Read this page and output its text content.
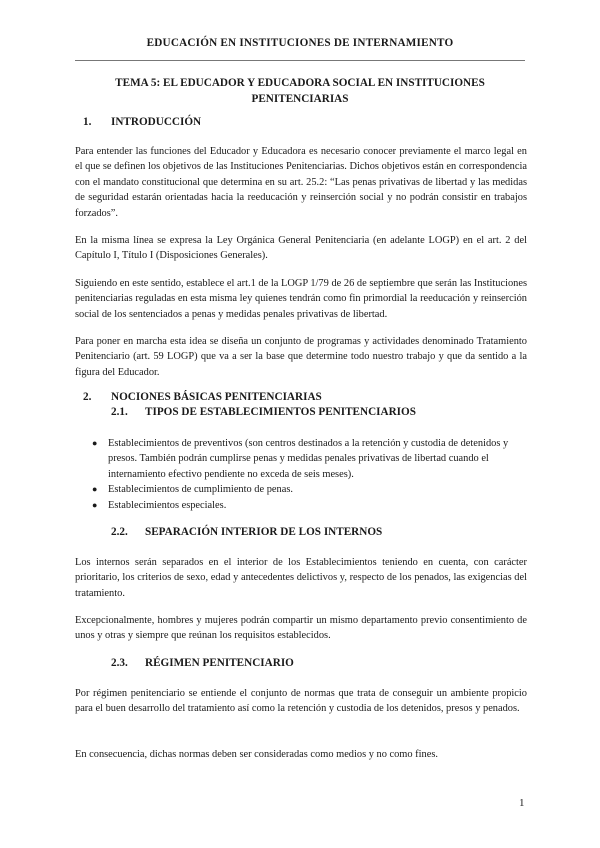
EDUCACIÓN EN INSTITUCIONES DE INTERNAMIENTO
TEMA 5: EL EDUCADOR Y EDUCADORA SOCIAL EN INSTITUCIONES
PENITENCIARIAS
1. INTRODUCCIÓN
Para entender las funciones del Educador y Educadora es necesario conocer previamente el marco legal en el que se definen los objetivos de las Instituciones Penitenciarias. Dichos objetivos están en correspondencia con el mandato constitucional que determina en su art. 25.2: “Las penas privativas de libertad y las medidas de seguridad estarán orientadas hacia la reeducación y reinserción social y no podrán consistir en trabajos forzados”.
En la misma línea se expresa la Ley Orgánica General Penitenciaria (en adelante LOGP) en el art. 2 del Capítulo I, Título I (Disposiciones Generales).
Siguiendo en este sentido, establece el art.1 de la LOGP 1/79 de 26 de septiembre que serán las Instituciones penitenciarias reguladas en esta misma ley quienes tendrán como fin primordial la reeducación y reinserción social de los sentenciados a penas y medidas penales privativas de libertad.
Para poner en marcha esta idea se diseña un conjunto de programas y actividades denominado Tratamiento Penitenciario (art. 59 LOGP) que va a ser la base que determine todo nuestro trabajo y que da sentido a la figura del Educador.
2. NOCIONES BÁSICAS PENITENCIARIAS
2.1. TIPOS DE ESTABLECIMIENTOS PENITENCIARIOS
● Establecimientos de preventivos (son centros destinados a la retención y custodia de detenidos y presos. También podrán cumplirse penas y medidas penales privativas de libertad cuando el internamiento efectivo pendiente no exceda de seis meses).
● Establecimientos de cumplimiento de penas.
● Establecimientos especiales.
2.2. SEPARACIÓN INTERIOR DE LOS INTERNOS
Los internos serán separados en el interior de los Establecimientos teniendo en cuenta, con carácter prioritario, los criterios de sexo, edad y antecedentes delictivos y, respecto de los penados, las exigencias del tratamiento.
Excepcionalmente, hombres y mujeres podrán compartir un mismo departamento previo consentimiento de unos y otras y siempre que reúnan los requisitos establecidos.
2.3. RÉGIMEN PENITENCIARIO
Por régimen penitenciario se entiende el conjunto de normas que trata de conseguir un ambiente propicio para el buen desarrollo del tratamiento así como la retención y custodia de los detenidos, presos y penados.
En consecuencia, dichas normas deben ser consideradas como medios y no como fines.
1
